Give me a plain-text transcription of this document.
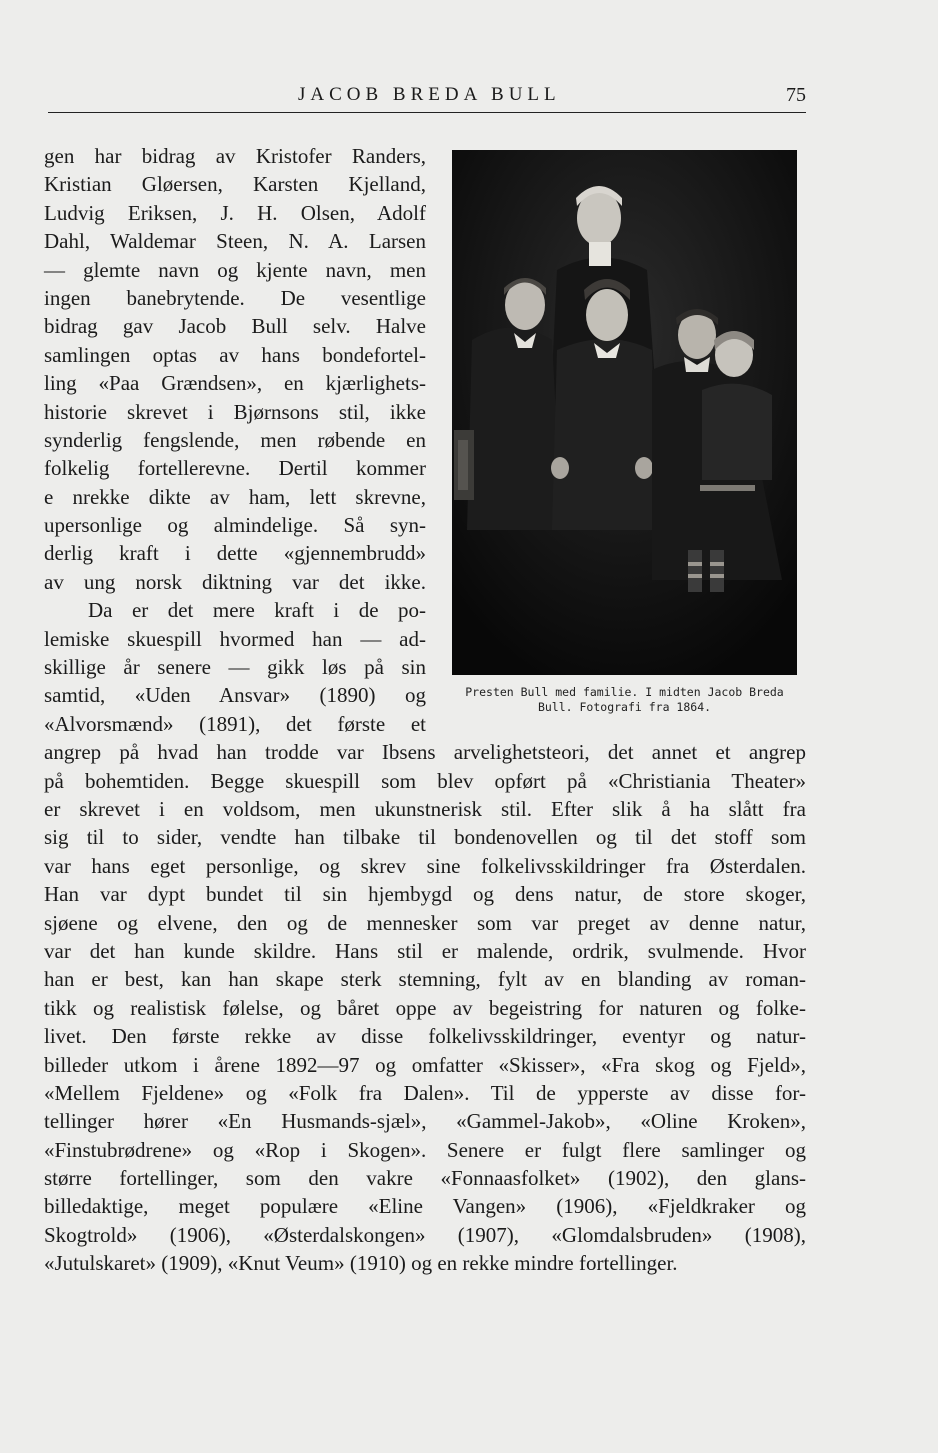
JACOB BREDA BULL	75
Presten Bull med familie. I midten Jacob Breda
Bull. Fotografi fra 1864.
gen har bidrag av Kristofer Randers,
Kristian Gløersen, Karsten Kjelland,
Ludvig Eriksen, J. H. Olsen, Adolf
Dahl, Waldemar Steen, N. A. Larsen
— glemte navn og kjente navn, men
ingen banebrytende. De vesentlige
bidrag gav Jacob Bull selv. Halve
samlingen optas av hans bondefortel-
ling «Paa Grændsen», en kjærlighets-
historie skrevet i Bjørnsons stil, ikke
synderlig fengslende, men røbende en
folkelig fortellerevne. Dertil kommer
e nrekke dikte av ham, lett skrevne,
upersonlige og almindelige. Så syn-
derlig kraft i dette «gjennembrudd»
av ung norsk diktning var det ikke.
Da er det mere kraft i de po-
lemiske skuespill hvormed han — ad-
skillige år senere — gikk løs på sin
samtid, «Uden Ansvar» (1890) og
«Alvorsmænd» (1891), det første et
angrep på hvad han trodde var Ibsens arvelighetsteori, det annet et angrep
på bohemtiden. Begge skuespill som blev opført på «Christiania Theater»
er skrevet i en voldsom, men ukunstnerisk stil. Efter slik å ha slått fra
sig til to sider, vendte han tilbake til bondenovellen og til det stoff som
var hans eget personlige, og skrev sine folkelivsskildringer fra Østerdalen.
Han var dypt bundet til sin hjembygd og dens natur, de store skoger,
sjøene og elvene, den og de mennesker som var preget av denne natur,
var det han kunde skildre. Hans stil er malende, ordrik, svulmende. Hvor
han er best, kan han skape sterk stemning, fylt av en blanding av roman-
tikk og realistisk følelse, og båret oppe av begeistring for naturen og folke-
livet. Den første rekke av disse folkelivsskildringer, eventyr og natur-
billeder utkom i årene 1892—97 og omfatter «Skisser», «Fra skog og Fjeld»,
«Mellem Fjeldene» og «Folk fra Dalen». Til de ypperste av disse for-
tellinger hører «En Husmands-sjæl», «Gammel-Jakob», «Oline Kroken»,
«Finstubrødrene» og «Rop i Skogen». Senere er fulgt flere samlinger og
større fortellinger, som den vakre «Fonnaasfolket» (1902), den glans-
billedaktige, meget populære «Eline Vangen» (1906), «Fjeldkraker og
Skogtrold» (1906), «Østerdalskongen» (1907), «Glomdalsbruden» (1908),
«Jutulskaret» (1909), «Knut Veum» (1910) og en rekke mindre fortellinger.
